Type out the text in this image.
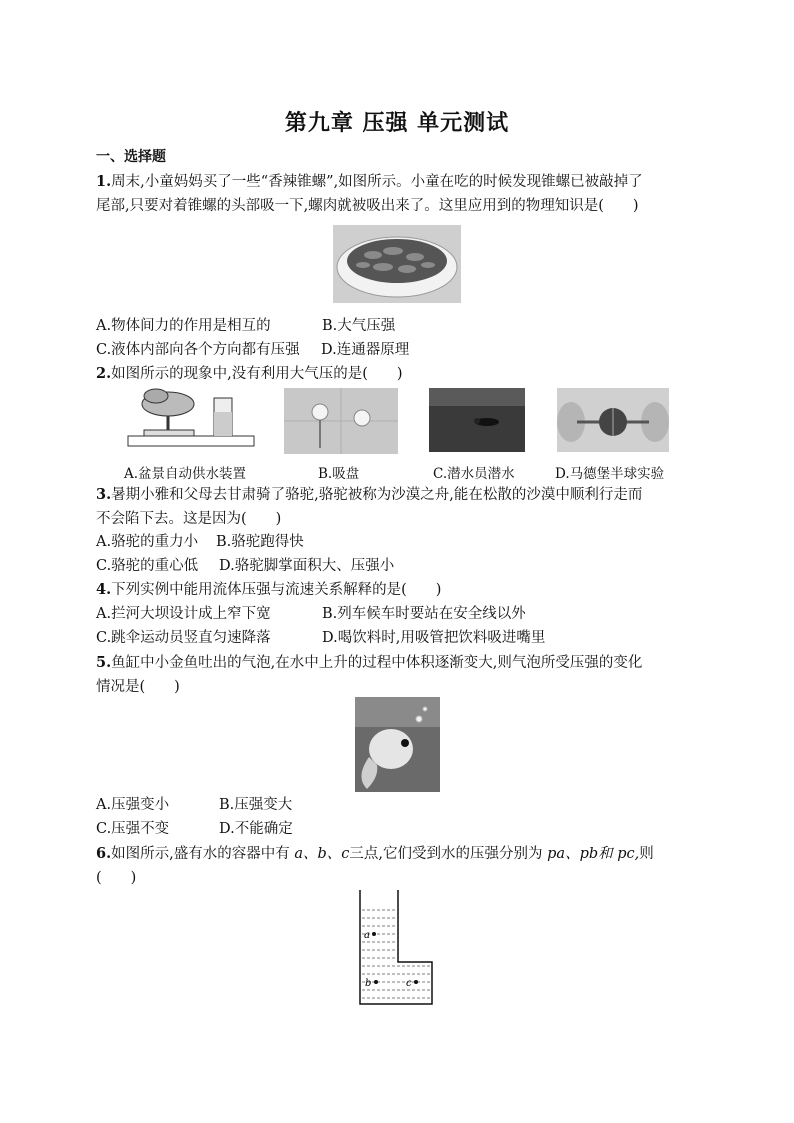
第九章 压强 单元测试
一、选择题
1.周末,小童妈妈买了一些“香辣锥螺”,如图所示。小童在吃的时候发现锥螺已被敲掉了
尾部,只要对着锥螺的头部吸一下,螺肉就被吸出来了。这里应用到的物理知识是(　　)
A.物体间力的作用是相互的	B.大气压强
C.液体内部向各个方向都有压强 D.连通器原理
2.如图所示的现象中,没有利用大气压的是(　　)
A.盆景自动供水装置	B.吸盘	C.潜水员潜水	D.马德堡半球实验
3.暑期小雅和父母去甘肃骑了骆驼,骆驼被称为沙漠之舟,能在松散的沙漠中顺利行走而
不会陷下去。这是因为(　　)
A.骆驼的重力小 B.骆驼跑得快
C.骆驼的重心低 D.骆驼脚掌面积大、压强小
4.下列实例中能用流体压强与流速关系解释的是(　　)
A.拦河大坝设计成上窄下宽	B.列车候车时要站在安全线以外
C.跳伞运动员竖直匀速降落	D.喝饮料时,用吸管把饮料吸进嘴里
5.鱼缸中小金鱼吐出的气泡,在水中上升的过程中体积逐渐变大,则气泡所受压强的变化
情况是(　　)
A.压强变小	B.压强变大
C.压强不变	D.不能确定
6.如图所示,盛有水的容器中有 a、b、c三点,它们受到水的压强分别为 pa、pb和 pc,则
(　　)
a
b	c
